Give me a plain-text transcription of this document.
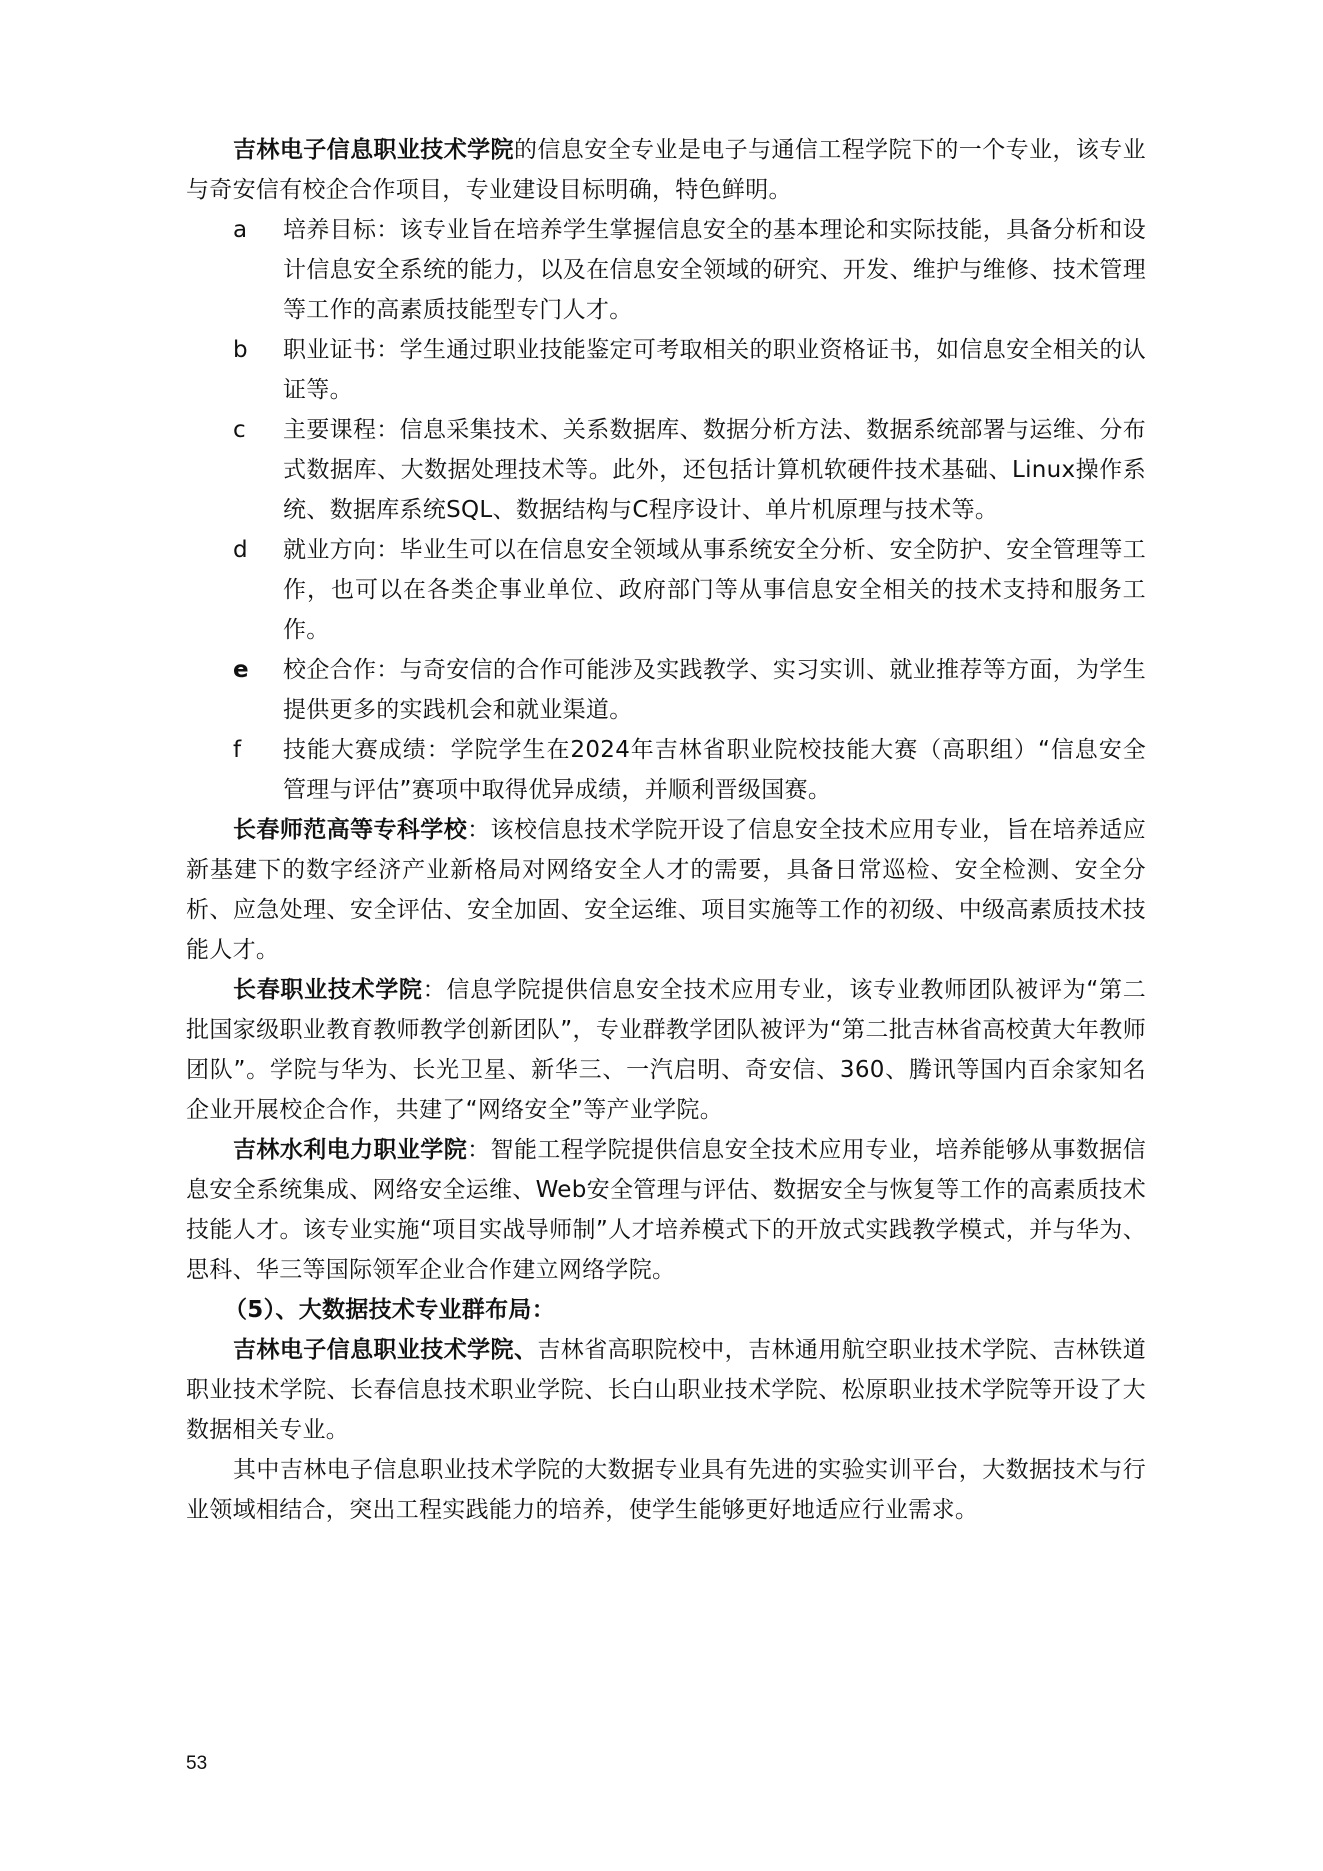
吉林电子信息职业技术学院的信息安全专业是电子与通信工程学院下的一个专业，该专业与奇安信有校企合作项目，专业建设目标明确，特色鲜明。

a	培养目标：该专业旨在培养学生掌握信息安全的基本理论和实际技能，具备分析和设计信息安全系统的能力，以及在信息安全领域的研究、开发、维护与维修、技术管理等工作的高素质技能型专门人才。
b	职业证书：学生通过职业技能鉴定可考取相关的职业资格证书，如信息安全相关的认证等。
c	主要课程：信息采集技术、关系数据库、数据分析方法、数据系统部署与运维、分布式数据库、大数据处理技术等。此外，还包括计算机软硬件技术基础、Linux操作系统、数据库系统SQL、数据结构与C程序设计、单片机原理与技术等。
d	就业方向：毕业生可以在信息安全领域从事系统安全分析、安全防护、安全管理等工作，也可以在各类企事业单位、政府部门等从事信息安全相关的技术支持和服务工作。
e	校企合作：与奇安信的合作可能涉及实践教学、实习实训、就业推荐等方面，为学生提供更多的实践机会和就业渠道。
f	技能大赛成绩：学院学生在2024年吉林省职业院校技能大赛（高职组）“信息安全管理与评估”赛项中取得优异成绩，并顺利晋级国赛。

长春师范高等专科学校：该校信息技术学院开设了信息安全技术应用专业，旨在培养适应新基建下的数字经济产业新格局对网络安全人才的需要，具备日常巡检、安全检测、安全分析、应急处理、安全评估、安全加固、安全运维、项目实施等工作的初级、中级高素质技术技能人才。

长春职业技术学院：信息学院提供信息安全技术应用专业，该专业教师团队被评为“第二批国家级职业教育教师教学创新团队”，专业群教学团队被评为“第二批吉林省高校黄大年教师团队”。学院与华为、长光卫星、新华三、一汽启明、奇安信、360、腾讯等国内百余家知名企业开展校企合作，共建了“网络安全”等产业学院。

吉林水利电力职业学院：智能工程学院提供信息安全技术应用专业，培养能够从事数据信息安全系统集成、网络安全运维、Web安全管理与评估、数据安全与恢复等工作的高素质技术技能人才。该专业实施“项目实战导师制”人才培养模式下的开放式实践教学模式，并与华为、思科、华三等国际领军企业合作建立网络学院。

（5）、大数据技术专业群布局：

吉林电子信息职业技术学院、吉林省高职院校中，吉林通用航空职业技术学院、吉林铁道职业技术学院、长春信息技术职业学院、长白山职业技术学院、松原职业技术学院等开设了大数据相关专业。

其中吉林电子信息职业技术学院的大数据专业具有先进的实验实训平台，大数据技术与行业领域相结合，突出工程实践能力的培养，使学生能够更好地适应行业需求。

53
